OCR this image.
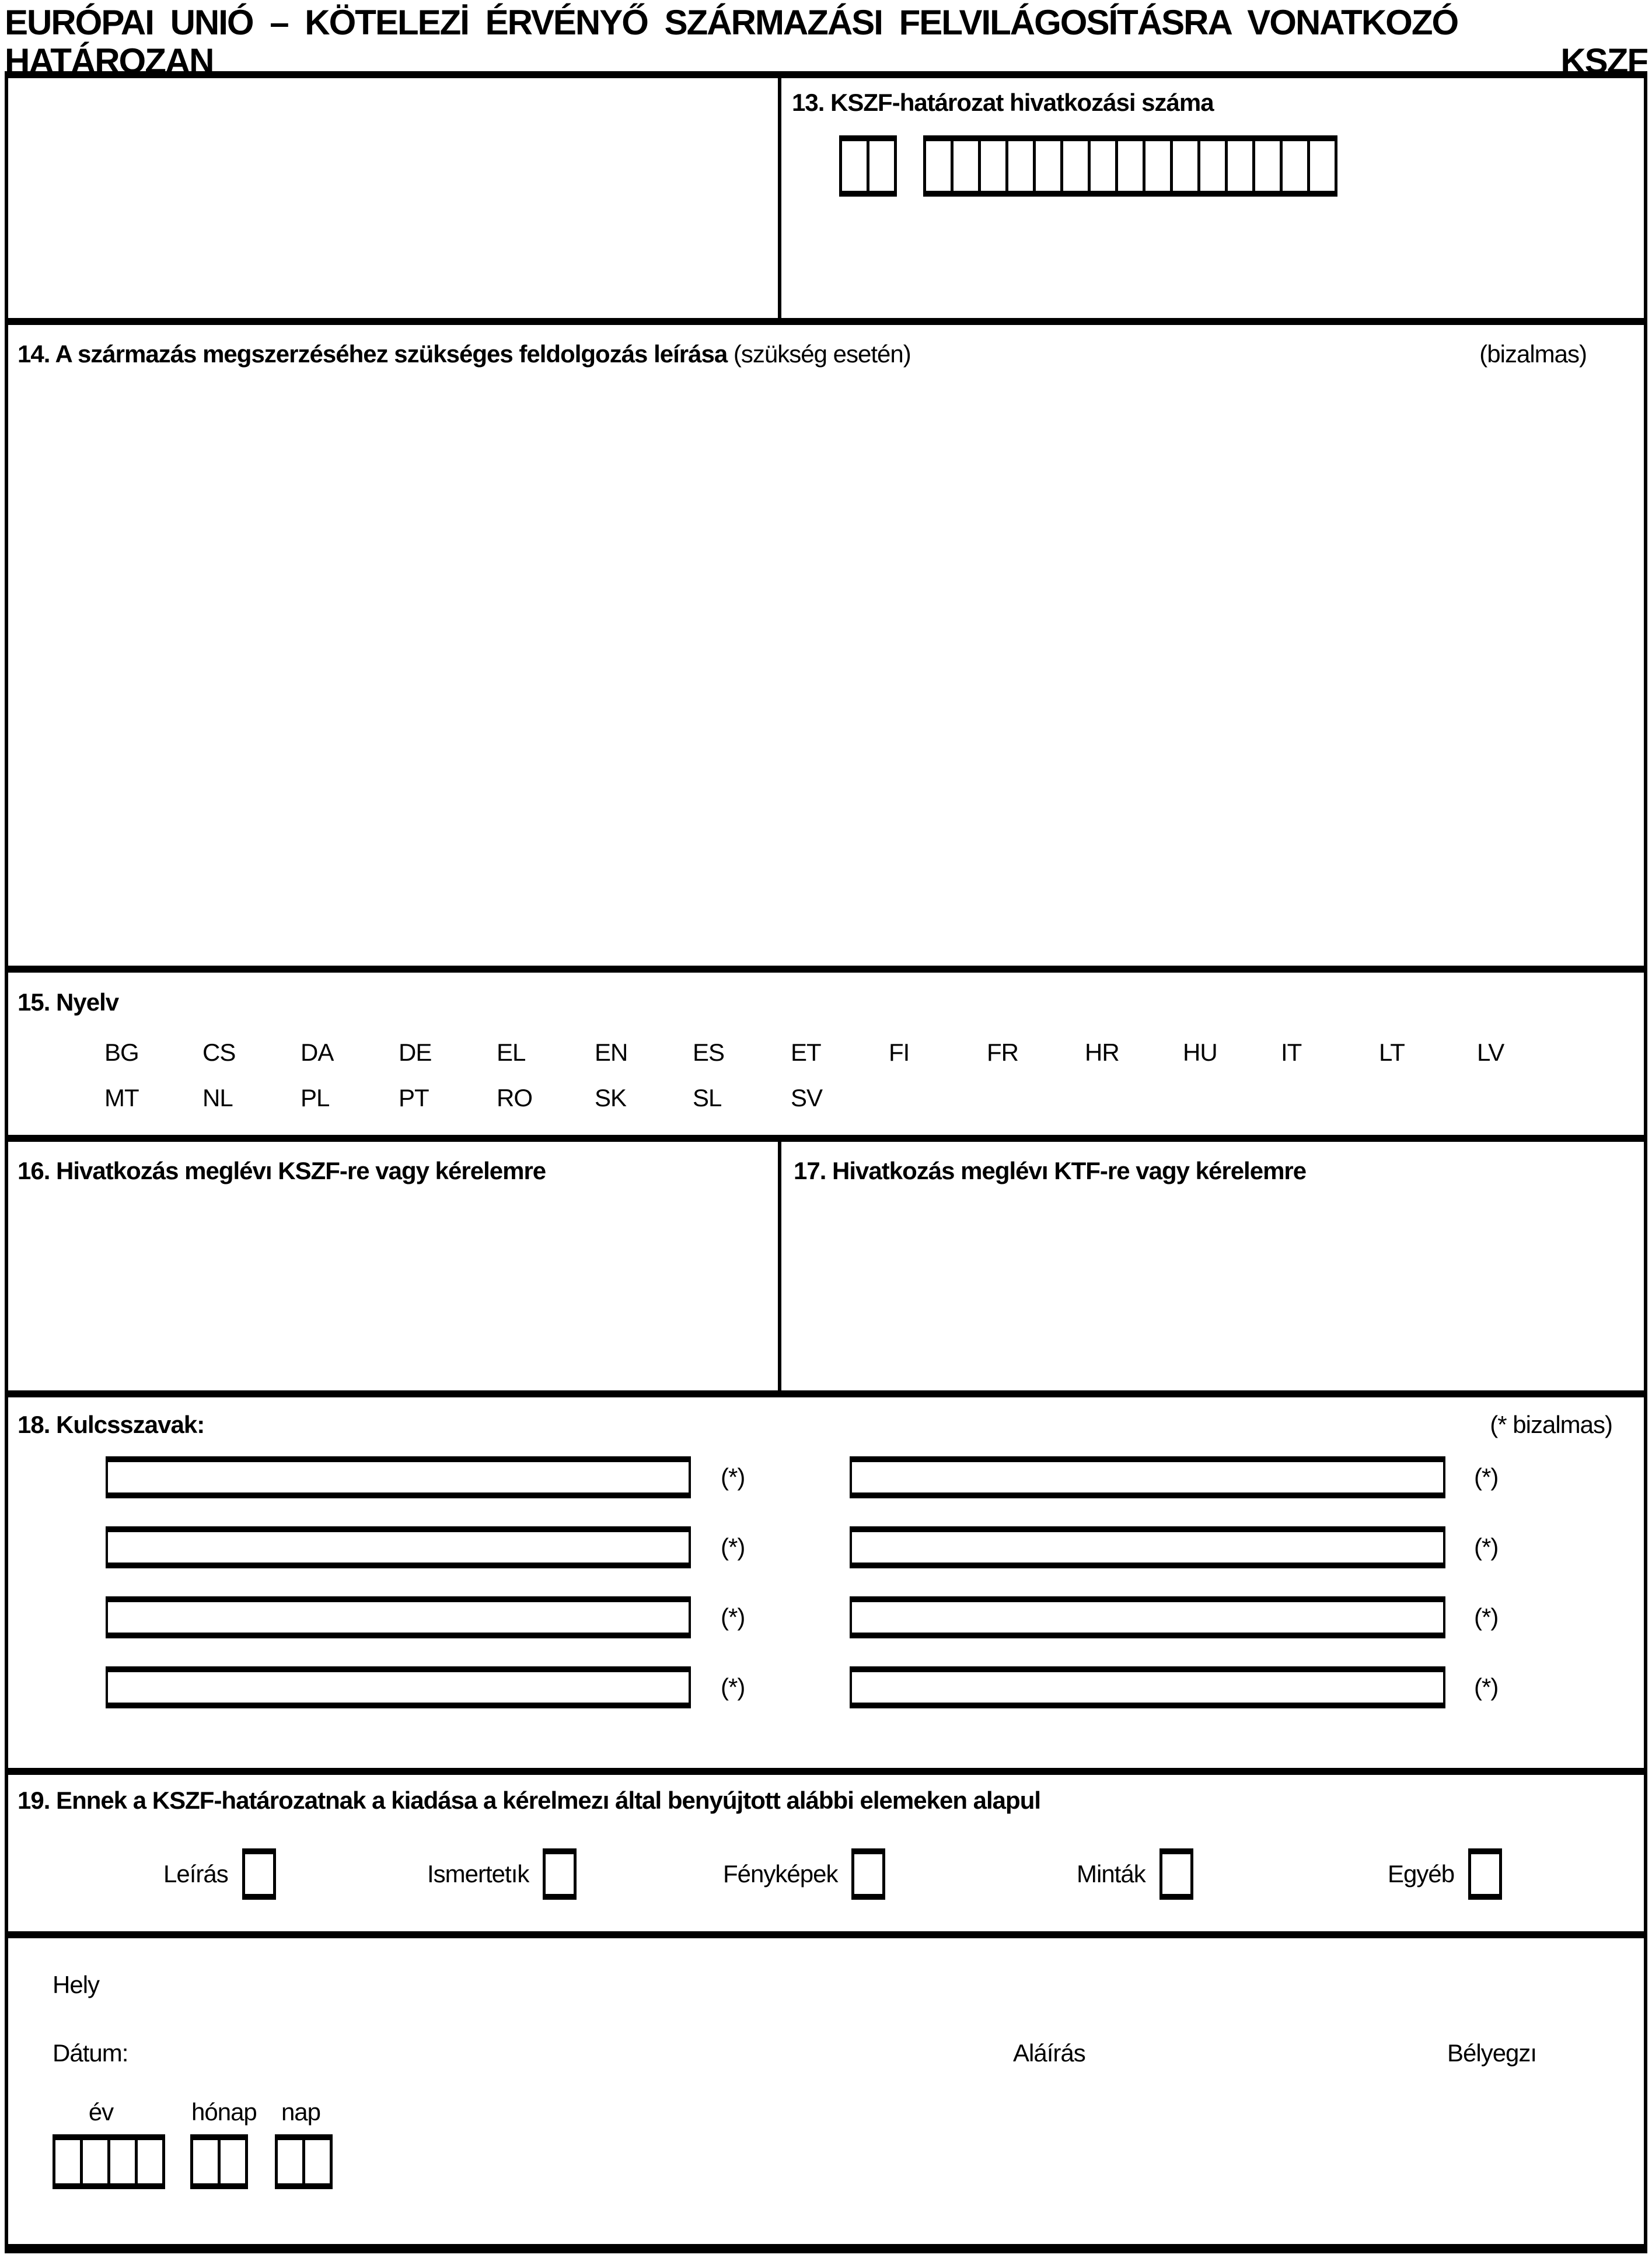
EURÓPAI UNIÓ – KÖTELEZİ ÉRVÉNYŐ SZÁRMAZÁSI FELVILÁGOSÍTÁSRA VONATKOZÓ
HATÁROZAN	KSZF
13. KSZF-határozat hivatkozási száma
14. A származás megszerzéséhez szükséges feldolgozás leírása (szükség esetén)	(bizalmas)
15. Nyelv
BG	CS	DA	DE	EL	EN	ES	ET	FI	FR	HR	HU	IT	LT	LV
MT	NL	PL	PT	RO	SK	SL	SV
16. Hivatkozás meglévı KSZF-re vagy kérelemre	17. Hivatkozás meglévı KTF-re vagy kérelemre
18. Kulcsszavak:	(* bizalmas)
(*)	(*)
(*)	(*)
(*)	(*)
(*)	(*)
19. Ennek a KSZF-határozatnak a kiadása a kérelmezı által benyújtott alábbi elemeken alapul
Leírás	Ismertetık	Fényképek	Minták	Egyéb
Hely
Dátum:	Aláírás	Bélyegzı
év	hónap	nap
